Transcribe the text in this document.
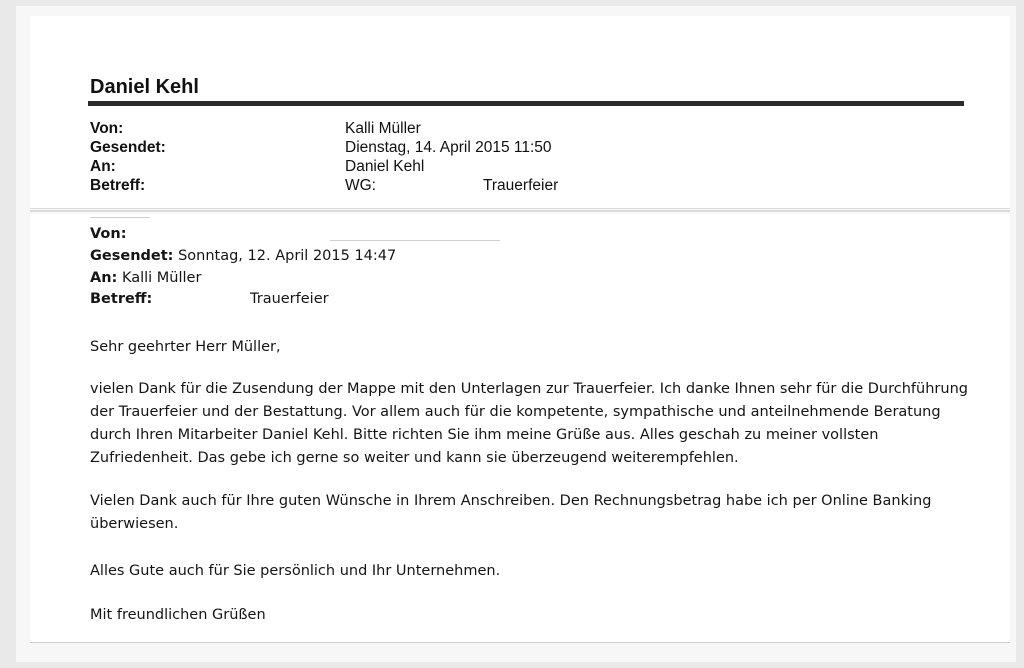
Daniel Kehl
Von:	Kalli Müller
Gesendet:	Dienstag, 14. April 2015 11:50
An:	Daniel Kehl
Betreff:	WG:	Trauerfeier
Von:
Gesendet: Sonntag, 12. April 2015 14:47
An: Kalli Müller
Betreff:	Trauerfeier

Sehr geehrter Herr Müller,

vielen Dank für die Zusendung der Mappe mit den Unterlagen zur Trauerfeier. Ich danke Ihnen sehr für die Durchführung der Trauerfeier und der Bestattung. Vor allem auch für die kompetente, sympathische und anteilnehmende Beratung durch Ihren Mitarbeiter Daniel Kehl. Bitte richten Sie ihm meine Grüße aus. Alles geschah zu meiner vollsten Zufriedenheit. Das gebe ich gerne so weiter und kann sie überzeugend weiterempfehlen.

Vielen Dank auch für Ihre guten Wünsche in Ihrem Anschreiben. Den Rechnungsbetrag habe ich per Online Banking überwiesen.

Alles Gute auch für Sie persönlich und Ihr Unternehmen.

Mit freundlichen Grüßen
